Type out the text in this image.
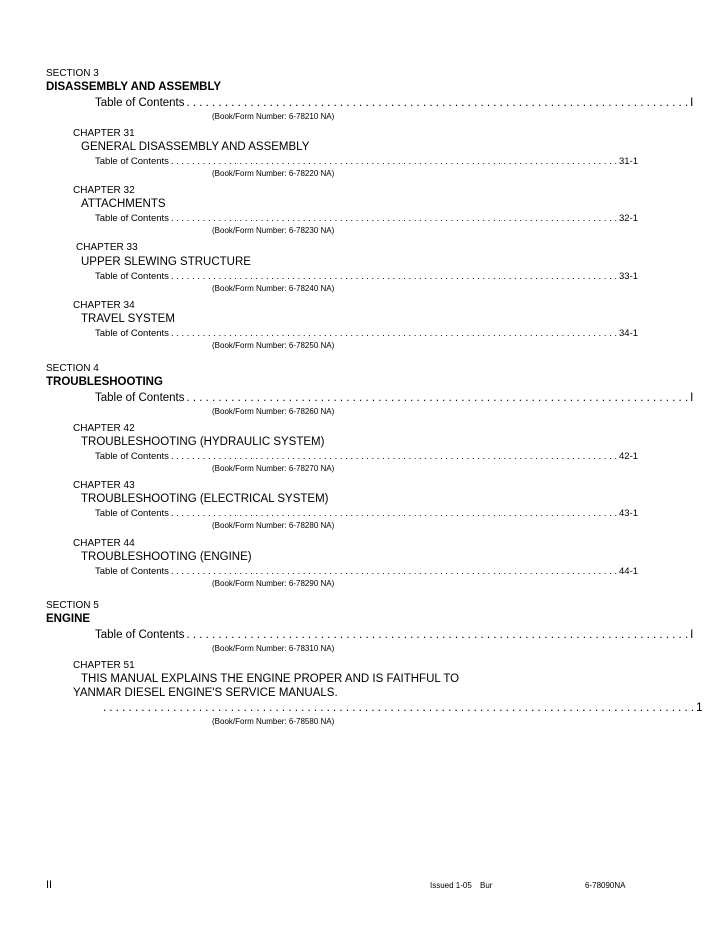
SECTION 3
DISASSEMBLY AND ASSEMBLY
Table of Contents . . . . . . . . . . . . . . . . . . . . . . . . . . . . . . . . . . . . . . . . . . . . . . . . . . . . . . . . . . . . . . . . . . . . . . . . . . . . . . . I
(Book/Form Number: 6-78210 NA)
CHAPTER 31
GENERAL DISASSEMBLY AND ASSEMBLY
Table of Contents . . . . . . . . . . . . . . . . . . . . . . . . . . . . . . . . . . . . . . . . . . . . . . . . . . . . . . . . . . . . . . . . . . . . . . . . . . . . . . . . . . . . . 31-1
(Book/Form Number: 6-78220 NA)
CHAPTER 32
ATTACHMENTS
Table of Contents . . . . . . . . . . . . . . . . . . . . . . . . . . . . . . . . . . . . . . . . . . . . . . . . . . . . . . . . . . . . . . . . . . . . . . . . . . . . . . . . . . . . . 32-1
(Book/Form Number: 6-78230 NA)
CHAPTER 33
UPPER SLEWING STRUCTURE
Table of Contents . . . . . . . . . . . . . . . . . . . . . . . . . . . . . . . . . . . . . . . . . . . . . . . . . . . . . . . . . . . . . . . . . . . . . . . . . . . . . . . . . . . . . 33-1
(Book/Form Number: 6-78240 NA)
CHAPTER 34
TRAVEL SYSTEM
Table of Contents . . . . . . . . . . . . . . . . . . . . . . . . . . . . . . . . . . . . . . . . . . . . . . . . . . . . . . . . . . . . . . . . . . . . . . . . . . . . . . . . . . . . . 34-1
(Book/Form Number: 6-78250 NA)
SECTION 4
TROUBLESHOOTING
Table of Contents . . . . . . . . . . . . . . . . . . . . . . . . . . . . . . . . . . . . . . . . . . . . . . . . . . . . . . . . . . . . . . . . . . . . . . . . . . . . . . . I
(Book/Form Number: 6-78260 NA)
CHAPTER 42
TROUBLESHOOTING (HYDRAULIC SYSTEM)
Table of Contents . . . . . . . . . . . . . . . . . . . . . . . . . . . . . . . . . . . . . . . . . . . . . . . . . . . . . . . . . . . . . . . . . . . . . . . . . . . . . . . . . . . . . 42-1
(Book/Form Number: 6-78270 NA)
CHAPTER 43
TROUBLESHOOTING (ELECTRICAL SYSTEM)
Table of Contents . . . . . . . . . . . . . . . . . . . . . . . . . . . . . . . . . . . . . . . . . . . . . . . . . . . . . . . . . . . . . . . . . . . . . . . . . . . . . . . . . . . . . 43-1
(Book/Form Number: 6-78280 NA)
CHAPTER 44
TROUBLESHOOTING (ENGINE)
Table of Contents . . . . . . . . . . . . . . . . . . . . . . . . . . . . . . . . . . . . . . . . . . . . . . . . . . . . . . . . . . . . . . . . . . . . . . . . . . . . . . . . . . . . . 44-1
(Book/Form Number: 6-78290 NA)
SECTION 5
ENGINE
Table of Contents . . . . . . . . . . . . . . . . . . . . . . . . . . . . . . . . . . . . . . . . . . . . . . . . . . . . . . . . . . . . . . . . . . . . . . . . . . . . . . . I
(Book/Form Number: 6-78310 NA)
CHAPTER 51
THIS MANUAL EXPLAINS THE ENGINE PROPER AND IS FAITHFUL TO
YANMAR DIESEL ENGINE'S SERVICE MANUALS.
. . . . . . . . . . . . . . . . . . . . . . . . . . . . . . . . . . . . . . . . . . . . . . . . . . . . . . . . . . . . . . . . . . . . . . . . . . . . . . . . . . . . . . . . . . . . . 1
(Book/Form Number: 6-78580 NA)
II	Issued 1-05 Bur	6-78090NA
